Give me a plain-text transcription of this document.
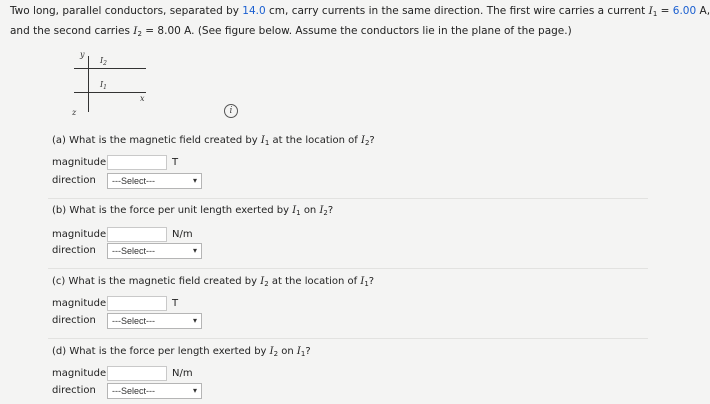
Two long, parallel conductors, separated by 14.0 cm, carry currents in the same direction. The first wire carries a current $I_1 = 6.00$ A,
and the second carries $I_2 = 8.00$ A. (See figure below. Assume the conductors lie in the plane of the page.)
y
$I_2$
$I_1$
x
z	i
(a) What is the magnetic field created by $I_1$ at the location of $I_2$?
magnitude	T
direction	---Select---	▾
(b) What is the force per unit length exerted by $I_1$ on $I_2$?
magnitude	N/m
direction	---Select---	▾
(c) What is the magnetic field created by $I_2$ at the location of $I_1$?
magnitude	T
direction	---Select---	▾
(d) What is the force per length exerted by $I_2$ on $I_1$?
magnitude	N/m
direction	---Select---	▾
